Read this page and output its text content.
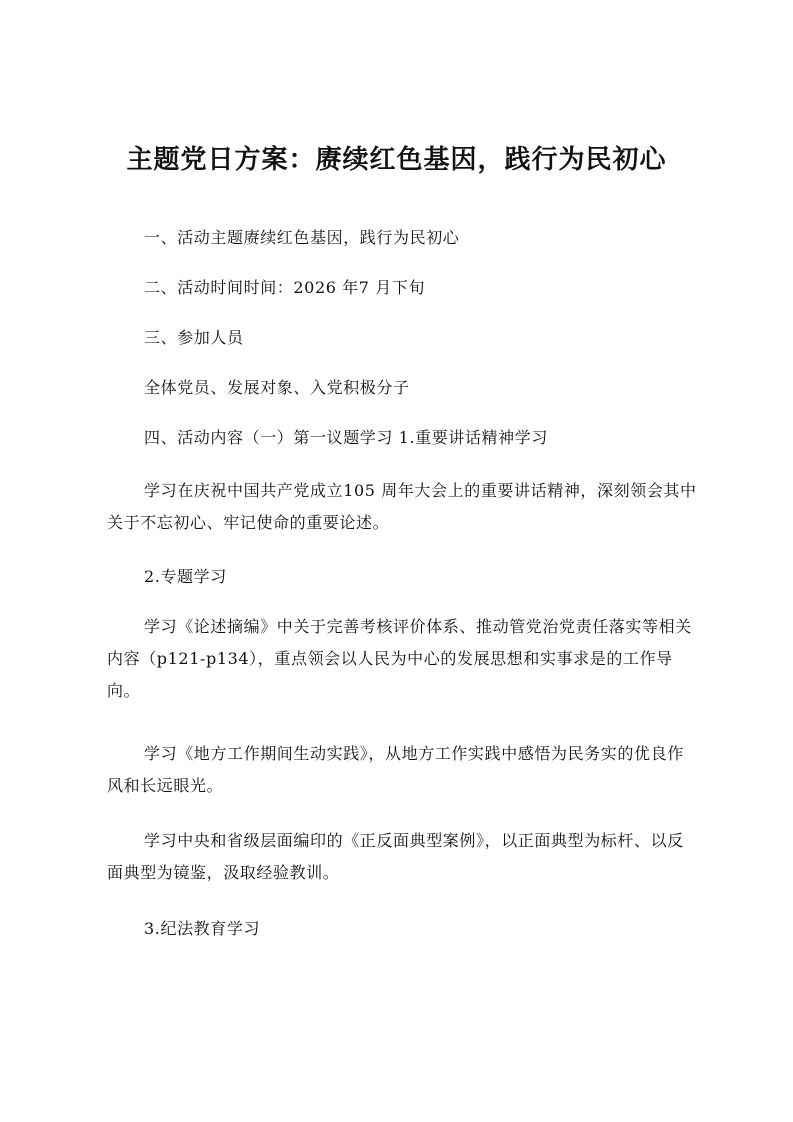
主题党日方案：赓续红色基因，践行为民初心

一、活动主题赓续红色基因，践行为民初心

二、活动时间时间：2026 年7 月下旬

三、参加人员

全体党员、发展对象、入党积极分子

四、活动内容（一）第一议题学习 1.重要讲话精神学习

学习在庆祝中国共产党成立105 周年大会上的重要讲话精神，深刻领会其中关于不忘初心、牢记使命的重要论述。

2.专题学习

学习《论述摘编》中关于完善考核评价体系、推动管党治党责任落实等相关内容（p121-p134），重点领会以人民为中心的发展思想和实事求是的工作导向。

学习《地方工作期间生动实践》，从地方工作实践中感悟为民务实的优良作风和长远眼光。

学习中央和省级层面编印的《正反面典型案例》，以正面典型为标杆、以反面典型为镜鉴，汲取经验教训。

3.纪法教育学习
